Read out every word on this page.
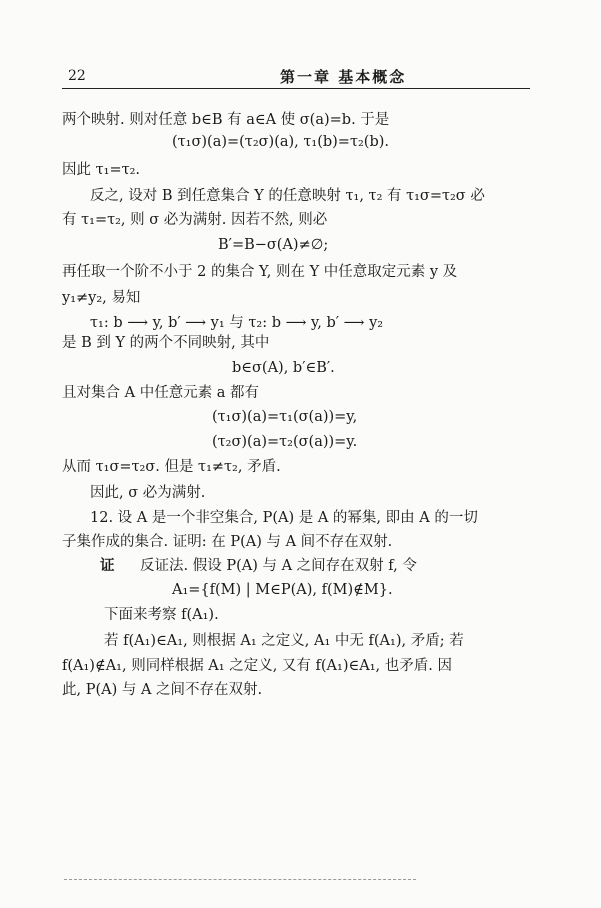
22	第一章 基本概念
两个映射. 则对任意 b∈B 有 a∈A 使 σ(a)=b. 于是
(τ₁σ)(a)=(τ₂σ)(a), τ₁(b)=τ₂(b).
因此 τ₁=τ₂.
反之, 设对 B 到任意集合 Y 的任意映射 τ₁, τ₂ 有 τ₁σ=τ₂σ 必
有 τ₁=τ₂, 则 σ 必为满射. 因若不然, 则必
B′=B−σ(A)≠∅;
再任取一个阶不小于 2 的集合 Y, 则在 Y 中任意取定元素 y 及
y₁≠y₂, 易知
τ₁: b ⟶ y, b′ ⟶ y₁ 与 τ₂: b ⟶ y, b′ ⟶ y₂
是 B 到 Y 的两个不同映射, 其中
b∈σ(A), b′∈B′.
且对集合 A 中任意元素 a 都有
(τ₁σ)(a)=τ₁(σ(a))=y,
(τ₂σ)(a)=τ₂(σ(a))=y.
从而 τ₁σ=τ₂σ. 但是 τ₁≠τ₂, 矛盾.
因此, σ 必为满射.
12. 设 A 是一个非空集合, P(A) 是 A 的幂集, 即由 A 的一切
子集作成的集合. 证明: 在 P(A) 与 A 间不存在双射.
证 反证法. 假设 P(A) 与 A 之间存在双射 f, 令
A₁={f(M) | M∈P(A), f(M)∉M}.
下面来考察 f(A₁).
若 f(A₁)∈A₁, 则根据 A₁ 之定义, A₁ 中无 f(A₁), 矛盾; 若
f(A₁)∉A₁, 则同样根据 A₁ 之定义, 又有 f(A₁)∈A₁, 也矛盾. 因
此, P(A) 与 A 之间不存在双射.
